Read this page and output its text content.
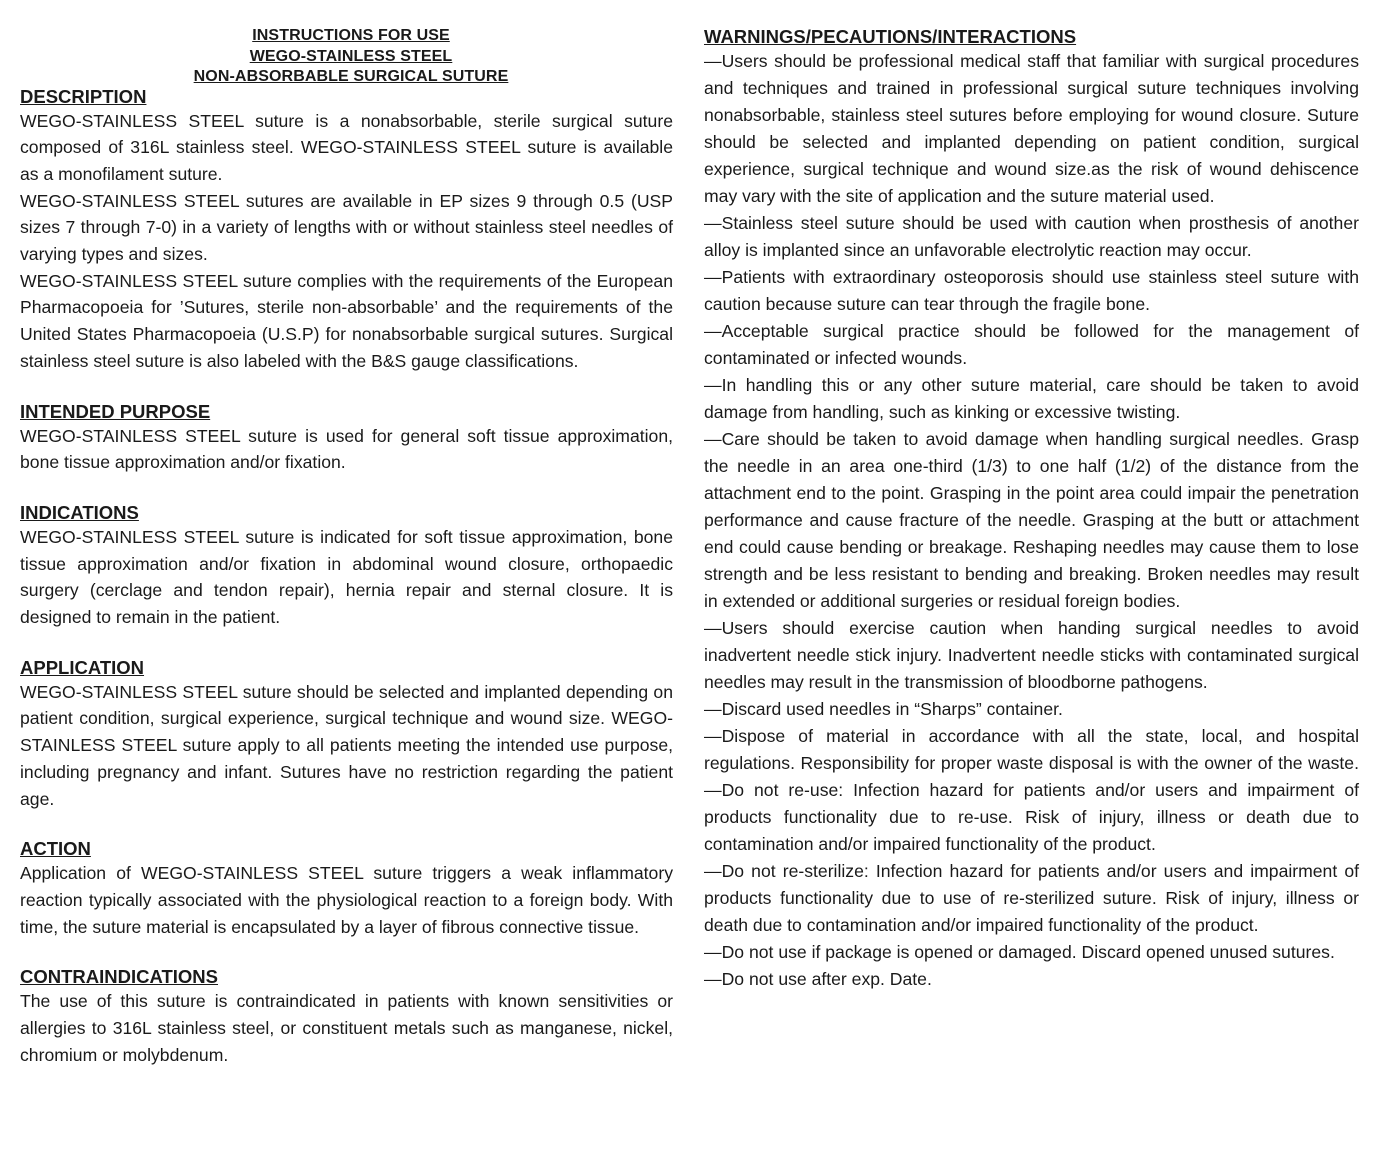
INSTRUCTIONS FOR USE
WEGO-STAINLESS STEEL
NON-ABSORBABLE SURGICAL SUTURE
DESCRIPTION

WEGO-STAINLESS STEEL suture is a nonabsorbable, sterile surgical suture composed of 316L stainless steel. WEGO-STAINLESS STEEL suture is available as a monofilament suture.

WEGO-STAINLESS STEEL sutures are available in EP sizes 9 through 0.5 (USP sizes 7 through 7-0) in a variety of lengths with or without stainless steel needles of varying types and sizes.

WEGO-STAINLESS STEEL suture complies with the requirements of the European Pharmacopoeia for ’Sutures, sterile non-absorbable’ and the requirements of the United States Pharmacopoeia (U.S.P) for nonabsorbable surgical sutures. Surgical stainless steel suture is also labeled with the B&S gauge classifications.

INTENDED PURPOSE

WEGO-STAINLESS STEEL suture is used for general soft tissue approximation, bone tissue approximation and/or fixation.

INDICATIONS

WEGO-STAINLESS STEEL suture is indicated for soft tissue approximation, bone tissue approximation and/or fixation in abdominal wound closure, orthopaedic surgery (cerclage and tendon repair), hernia repair and sternal closure. It is designed to remain in the patient.

APPLICATION

WEGO-STAINLESS STEEL suture should be selected and implanted depending on patient condition, surgical experience, surgical technique and wound size. WEGO-STAINLESS STEEL suture apply to all patients meeting the intended use purpose, including pregnancy and infant. Sutures have no restriction regarding the patient age.

ACTION

Application of WEGO-STAINLESS STEEL suture triggers a weak inflammatory reaction typically associated with the physiological reaction to a foreign body. With time, the suture material is encapsulated by a layer of fibrous connective tissue.

CONTRAINDICATIONS

The use of this suture is contraindicated in patients with known sensitivities or allergies to 316L stainless steel, or constituent metals such as manganese, nickel, chromium or molybdenum.

WARNINGS/PECAUTIONS/INTERACTIONS

—Users should be professional medical staff that familiar with surgical procedures and techniques and trained in professional surgical suture techniques involving nonabsorbable, stainless steel sutures before employing for wound closure. Suture should be selected and implanted depending on patient condition, surgical experience, surgical technique and wound size.as the risk of wound dehiscence may vary with the site of application and the suture material used.

—Stainless steel suture should be used with caution when prosthesis of another alloy is implanted since an unfavorable electrolytic reaction may occur.

—Patients with extraordinary osteoporosis should use stainless steel suture with caution because suture can tear through the fragile bone.

—Acceptable surgical practice should be followed for the management of contaminated or infected wounds.

—In handling this or any other suture material, care should be taken to avoid damage from handling, such as kinking or excessive twisting.

—Care should be taken to avoid damage when handling surgical needles. Grasp the needle in an area one-third (1/3) to one half (1/2) of the distance from the attachment end to the point. Grasping in the point area could impair the penetration performance and cause fracture of the needle. Grasping at the butt or attachment end could cause bending or breakage. Reshaping needles may cause them to lose strength and be less resistant to bending and breaking. Broken needles may result in extended or additional surgeries or residual foreign bodies.

—Users should exercise caution when handing surgical needles to avoid inadvertent needle stick injury. Inadvertent needle sticks with contaminated surgical needles may result in the transmission of bloodborne pathogens.

—Discard used needles in “Sharps” container.

—Dispose of material in accordance with all the state, local, and hospital regulations. Responsibility for proper waste disposal is with the owner of the waste.—Do not re-use: Infection hazard for patients and/or users and impairment of products functionality due to re-use. Risk of injury, illness or death due to contamination and/or impaired functionality of the product.

—Do not re-sterilize: Infection hazard for patients and/or users and impairment of products functionality due to use of re-sterilized suture. Risk of injury, illness or death due to contamination and/or impaired functionality of the product.

—Do not use if package is opened or damaged. Discard opened unused sutures.

—Do not use after exp. Date.
